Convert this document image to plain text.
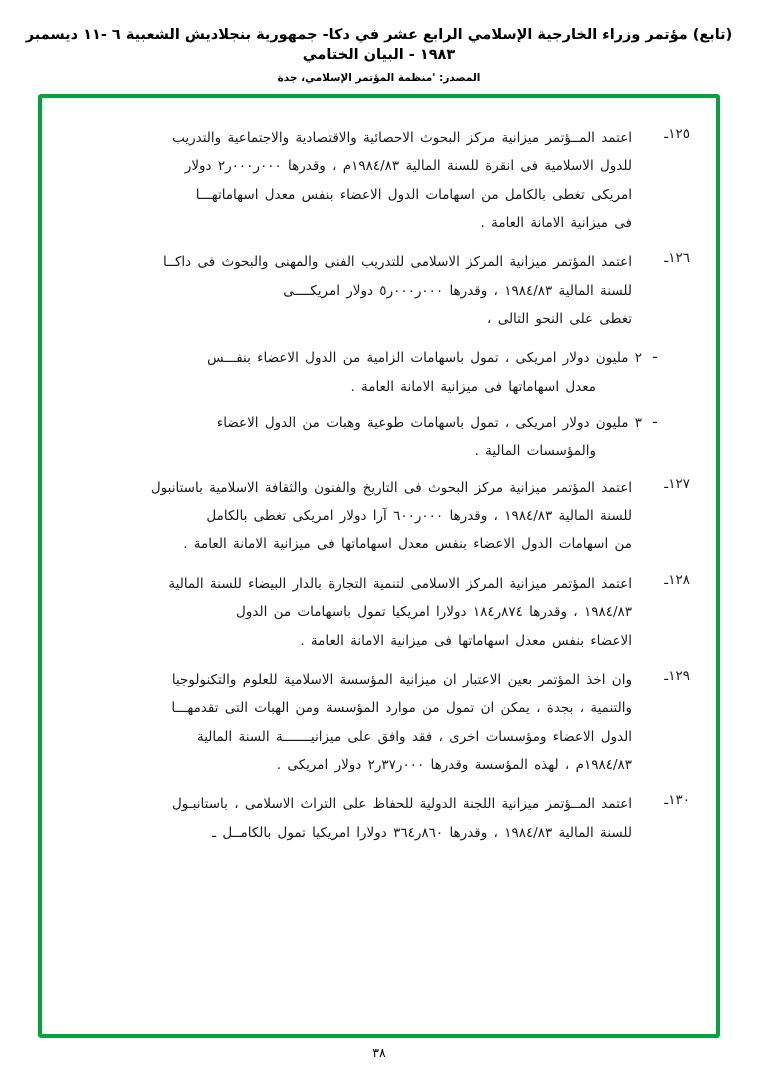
(تابع) مؤتمر وزراء الخارجية الإسلامي الرابع عشر في دكا- جمهورية بنجلاديش الشعبية ٦ -١١ ديسمبر ١٩٨٣ - البيان الختامي
المصدر: 'منظمة المؤتمر الإسلامي، جدة
١٢٥ـ

اعتمد المــؤتمر ميزانية مركز البحوث الاحصائية والاقتصادية والاجتماعية والتدريب

للدول الاسلامية فى انقرة للسنة المالية ١٩٨٤/٨٣م ، وقدرها ٠٠٠ر٠٠٠ر٢ دولار

امريكى تغطى بالكامل من اسهامات الدول الاعضاء بنفس معدل اسهاماتهـــا

فى ميزانية الامانة العامة .

١٢٦ـ

اعتمد المؤتمر ميزانية المركز الاسلامى للتدريب الفنى والمهنى والبحوث فى داكــا

للسنة المالية ١٩٨٤/٨٣ ، وقدرها ٠٠٠ر٠٠٠ر٥ دولار امريكــــى

تغطى على النحو التالى ،

ـ

٢ مليون دولار امريكى ، تمول باسهامات الزامية من الدول الاعضاء بنفـــس

معدل اسهاماتها فى ميزانية الامانة العامة .

ـ

٣ مليون دولار امريكى ، تمول باسهامات طوعية وهبات من الدول الاعضاء

والمؤسسات المالية .

١٢٧ـ

اعتمد المؤتمر ميزانية مركز البحوث فى التاريخ والفنون والثقافة الاسلامية باستانبول

للسنة المالية ١٩٨٤/٨٣ ، وقدرها ٠٠٠ر٦٠٠ آرا دولار امريكى تغطى بالكامل

من اسهامات الدول الاعضاء بنفس معدل اسهاماتها فى ميزانية الامانة العامة .

١٢٨ـ

اعتمد المؤتمر ميزانية المركز الاسلامى لتنمية التجارة بالدار البيضاء للسنة المالية

١٩٨٤/٨٣ ، وقدرها ٨٧٤ر١٨٤ دولارا امريكيا تمول باسهامات من الدول

الاعضاء بنفس معدل اسهاماتها فى ميزانية الامانة العامة .

١٢٩ـ

وان اخذ المؤتمر بعين الاعتبار ان ميزانية المؤسسة الاسلامية للعلوم والتكنولوجيا

والتنمية ، بجدة ، يمكن ان تمول من موارد المؤسسة ومن الهبات التى تقدمهـــا

الدول الاعضاء ومؤسسات اخرى ، فقد وافق على ميزانيـــــــة السنة المالية

١٩٨٤/٨٣م ، لهذه المؤسسة وقدرها ٠٠٠ر٣٧ر٢ دولار امريكى .

١٣٠ـ

اعتمد المــؤتمر ميزانية اللجنة الدولية للحفاظ على التراث الاسلامى ، باستانبـول

للسنة المالية ١٩٨٤/٨٣ ، وقدرها ٨٦٠ر٣٦٤ دولارا امريكيا تمول بالكامــل ـ

٣٨
